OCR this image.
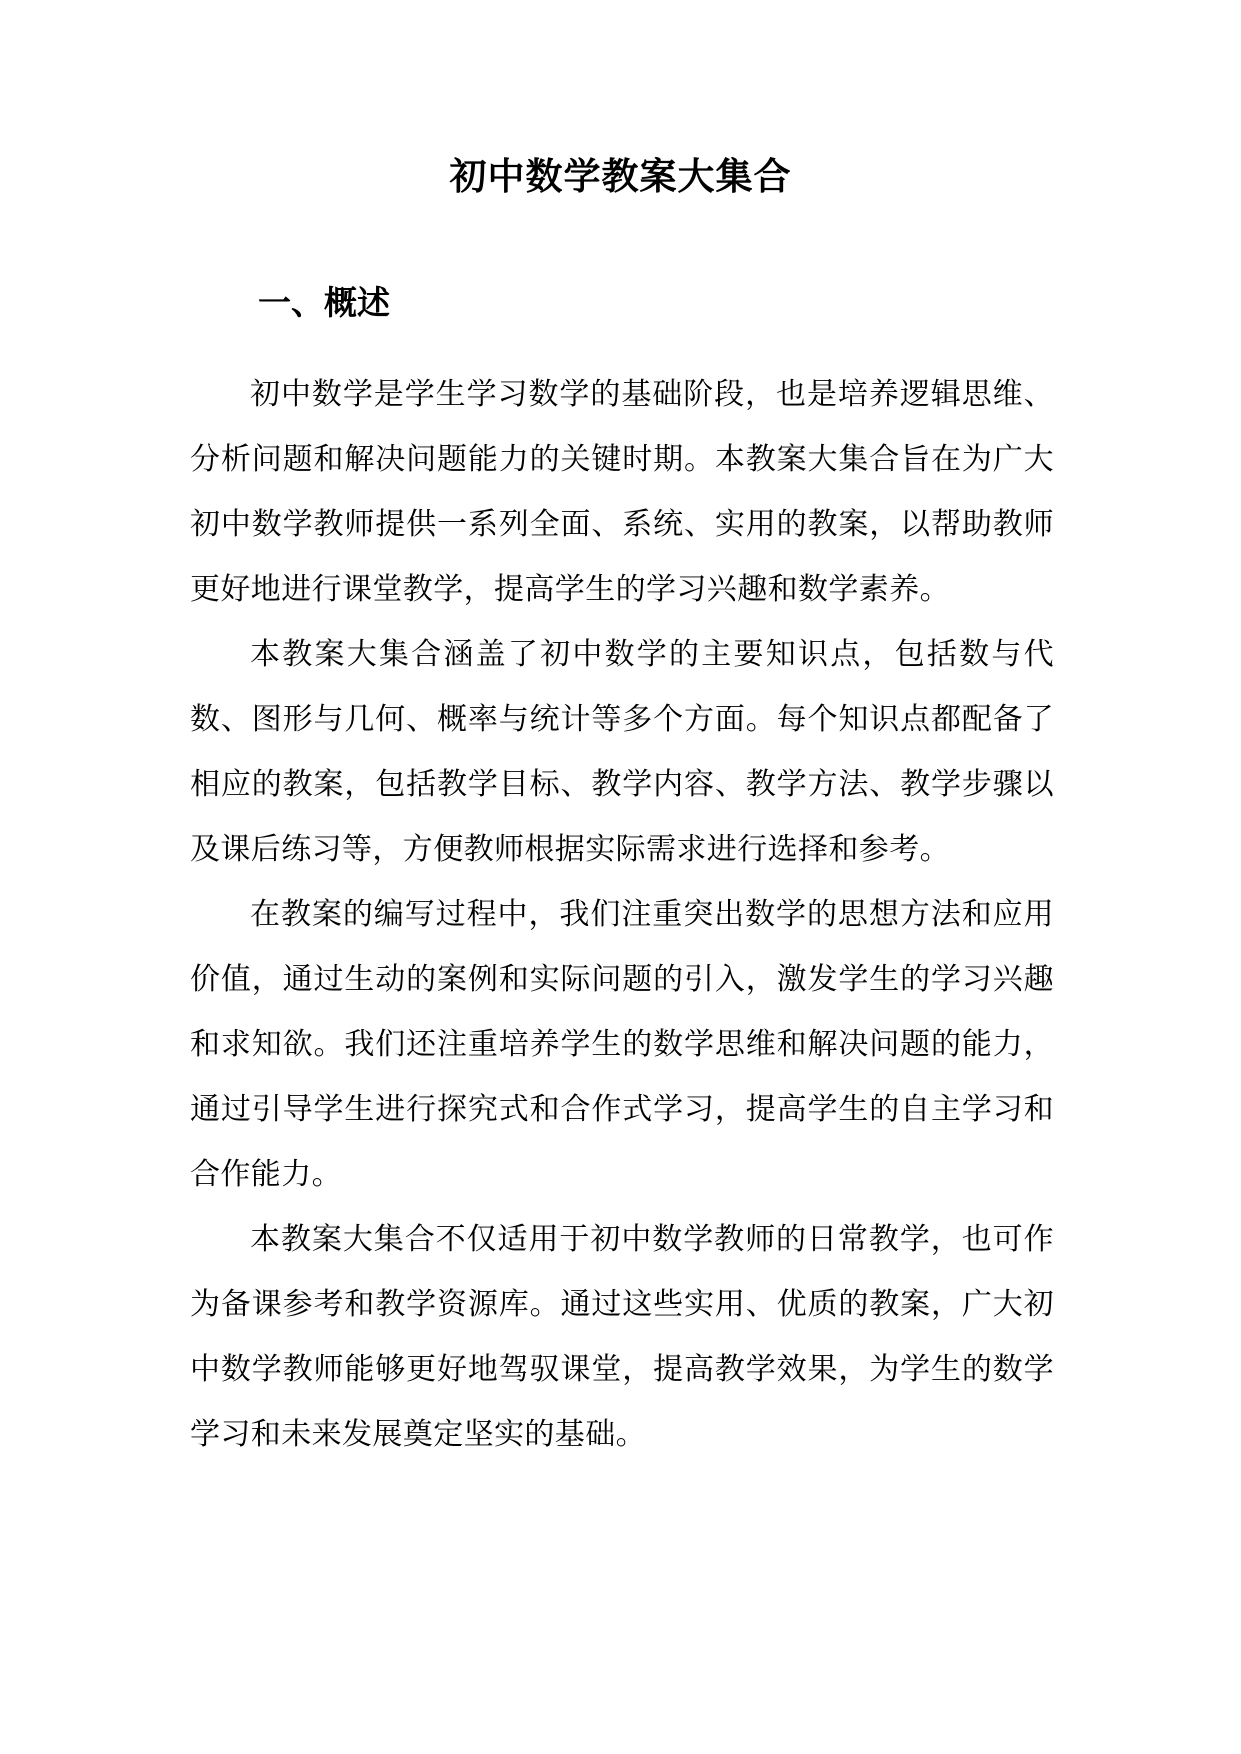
初中数学教案大集合
一、概述

初中数学是学生学习数学的基础阶段，也是培养逻辑思维、分析问题和解决问题能力的关键时期。本教案大集合旨在为广大初中数学教师提供一系列全面、系统、实用的教案，以帮助教师更好地进行课堂教学，提高学生的学习兴趣和数学素养。

本教案大集合涵盖了初中数学的主要知识点，包括数与代数、图形与几何、概率与统计等多个方面。每个知识点都配备了相应的教案，包括教学目标、教学内容、教学方法、教学步骤以及课后练习等，方便教师根据实际需求进行选择和参考。

在教案的编写过程中，我们注重突出数学的思想方法和应用价值，通过生动的案例和实际问题的引入，激发学生的学习兴趣和求知欲。我们还注重培养学生的数学思维和解决问题的能力，通过引导学生进行探究式和合作式学习，提高学生的自主学习和合作能力。

本教案大集合不仅适用于初中数学教师的日常教学，也可作为备课参考和教学资源库。通过这些实用、优质的教案，广大初中数学教师能够更好地驾驭课堂，提高教学效果，为学生的数学学习和未来发展奠定坚实的基础。
